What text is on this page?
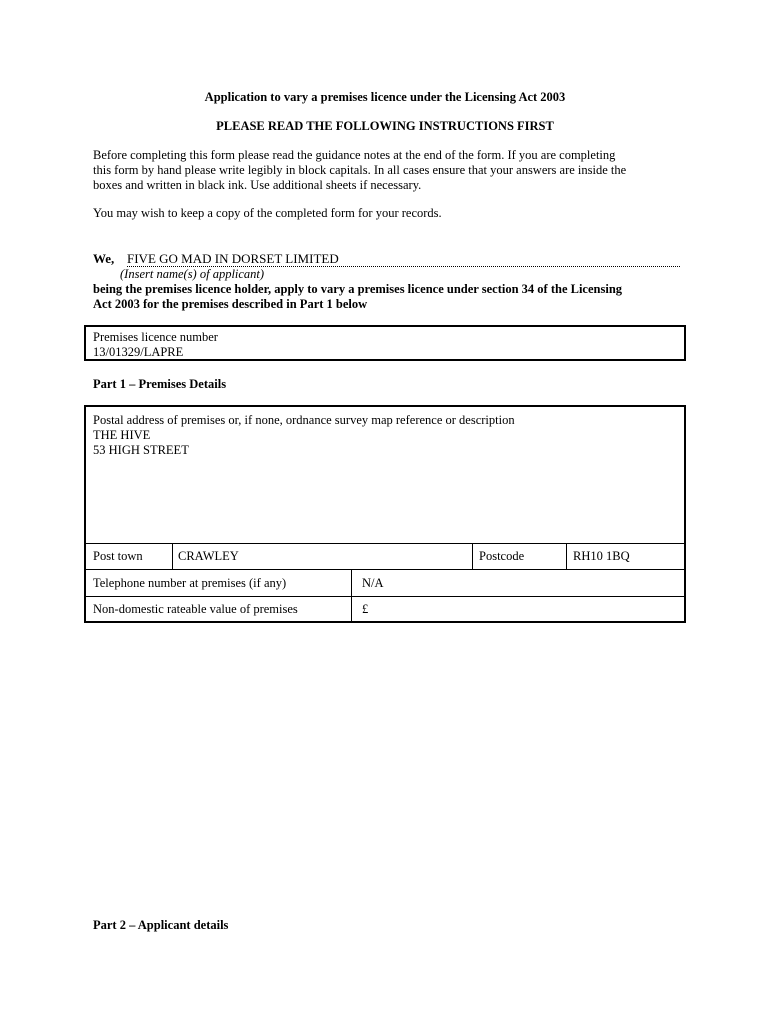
Application to vary a premises licence under the Licensing Act 2003
PLEASE READ THE FOLLOWING INSTRUCTIONS FIRST
Before completing this form please read the guidance notes at the end of the form. If you are completing
this form by hand please write legibly in block capitals. In all cases ensure that your answers are inside the
boxes and written in black ink. Use additional sheets if necessary.
You may wish to keep a copy of the completed form for your records.
We, FIVE GO MAD IN DORSET LIMITED
(Insert name(s) of applicant)
being the premises licence holder, apply to vary a premises licence under section 34 of the Licensing
Act 2003 for the premises described in Part 1 below
Premises licence number
13/01329/LAPRE
Part 1 – Premises Details
Postal address of premises or, if none, ordnance survey map reference or description
THE HIVE
53 HIGH STREET
Post town	CRAWLEY	Postcode	RH10 1BQ
Telephone number at premises (if any)	N/A
Non-domestic rateable value of premises	£
Part 2 – Applicant details
